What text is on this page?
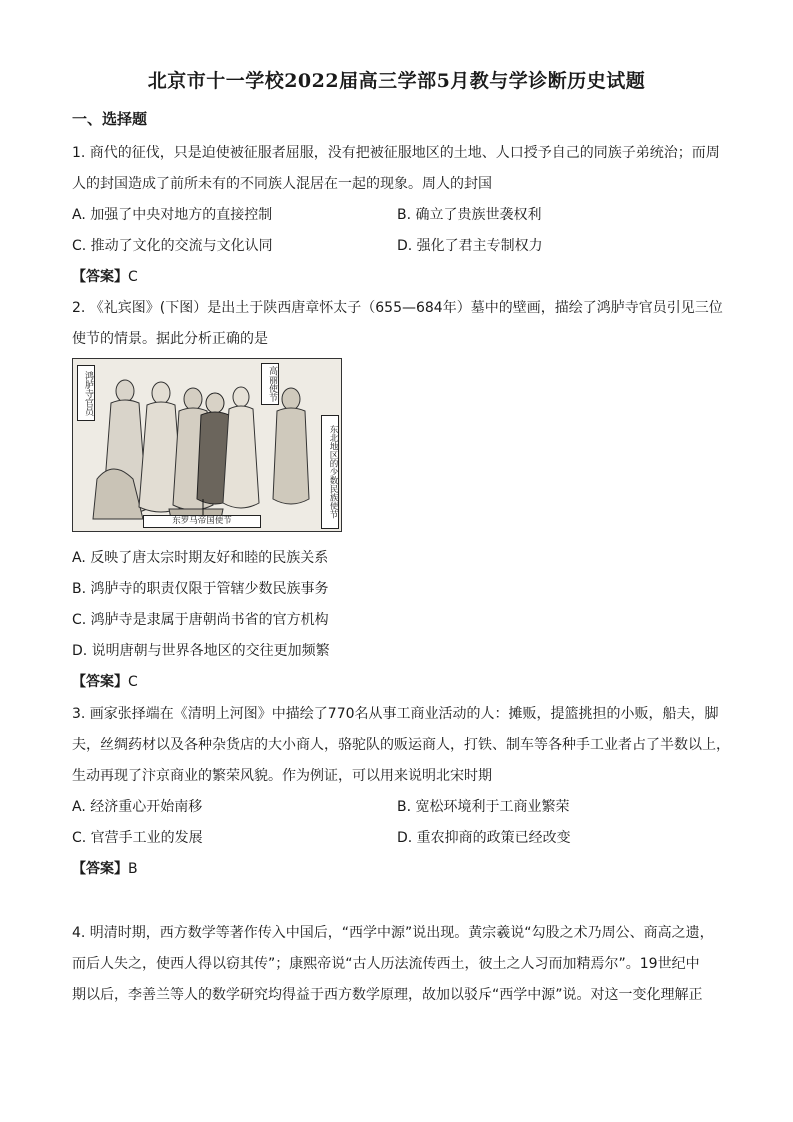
北京市十一学校2022届高三学部5月教与学诊断历史试题
一、选择题
1. 商代的征伐，只是迫使被征服者屈服，没有把被征服地区的土地、人口授予自己的同族子弟统治；而周
人的封国造成了前所未有的不同族人混居在一起的现象。周人的封国
A. 加强了中央对地方的直接控制	B. 确立了贵族世袭权利
C. 推动了文化的交流与文化认同	D. 强化了君主专制权力
【答案】C
2. 《礼宾图》(下图）是出土于陕西唐章怀太子（655—684年）墓中的壁画，描绘了鸿胪寺官员引见三位
使节的情景。据此分析正确的是
鸿胪寺官员	高丽使节
东北地区的少数民族使节
东罗马帝国使节
A. 反映了唐太宗时期友好和睦的民族关系
B. 鸿胪寺的职责仅限于管辖少数民族事务
C. 鸿胪寺是隶属于唐朝尚书省的官方机构
D. 说明唐朝与世界各地区的交往更加频繁
【答案】C
3. 画家张择端在《清明上河图》中描绘了770名从事工商业活动的人：摊贩，提篮挑担的小贩，船夫，脚
夫，丝绸药材以及各种杂货店的大小商人，骆驼队的贩运商人，打铁、制车等各种手工业者占了半数以上，
生动再现了汴京商业的繁荣风貌。作为例证，可以用来说明北宋时期
A. 经济重心开始南移	B. 宽松环境利于工商业繁荣
C. 官营手工业的发展	D. 重农抑商的政策已经改变
【答案】B
4. 明清时期，西方数学等著作传入中国后，“西学中源”说出现。黄宗羲说“勾股之术乃周公、商高之遗，
而后人失之，使西人得以窃其传”；康熙帝说“古人历法流传西土，彼土之人习而加精焉尔”。19世纪中
期以后，李善兰等人的数学研究均得益于西方数学原理，故加以驳斥“西学中源”说。对这一变化理解正
